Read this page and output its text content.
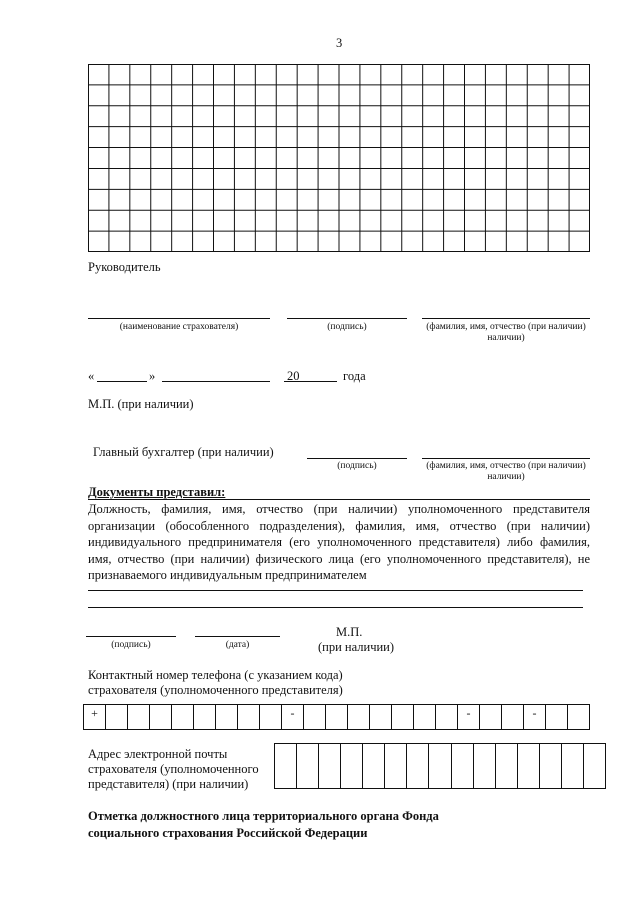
3
Руководитель
(наименование страхователя)	(подпись)	(фамилия, имя, отчество (при наличии)
наличии)
«	»	20	года
М.П. (при наличии)
Главный бухгалтер (при наличии)
(подпись)	(фамилия, имя, отчество (при наличии)
наличии)
Документы представил:
Должность, фамилия, имя, отчество (при наличии) уполномоченного представителя организации (обособленного подразделения), фамилия, имя, отчество (при наличии) индивидуального предпринимателя (его уполномоченного представителя) либо фамилия, имя, отчество (при наличии) физического лица (его уполномоченного представителя), не признаваемого индивидуальным предпринимателем
(подпись)	(дата)
М.П.
(при наличии)
Контактный номер телефона (с указанием кода)
страхователя (уполномоченного представителя)
+	-	-	-
Адрес электронной почты
страхователя (уполномоченного
представителя) (при наличии)
Отметка должностного лица территориального органа Фонда
социального страхования Российской Федерации
